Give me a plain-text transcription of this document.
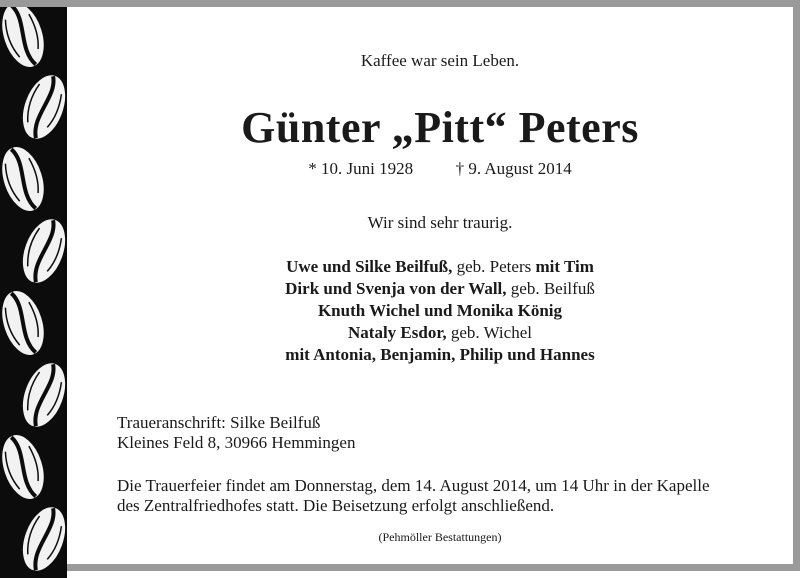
Kaffee war sein Leben.
Günter „Pitt“ Peters
* 10. Juni 1928	† 9. August 2014
Wir sind sehr traurig.
Uwe und Silke Beilfuß, geb. Peters mit Tim
Dirk und Svenja von der Wall, geb. Beilfuß
Knuth Wichel und Monika König
Nataly Esdor, geb. Wichel
mit Antonia, Benjamin, Philip und Hannes
Traueranschrift: Silke Beilfuß
Kleines Feld 8, 30966 Hemmingen
Die Trauerfeier findet am Donnerstag, dem 14. August 2014, um 14 Uhr in der Kapelle
des Zentralfriedhofes statt. Die Beisetzung erfolgt anschließend.
(Pehmöller Bestattungen)
